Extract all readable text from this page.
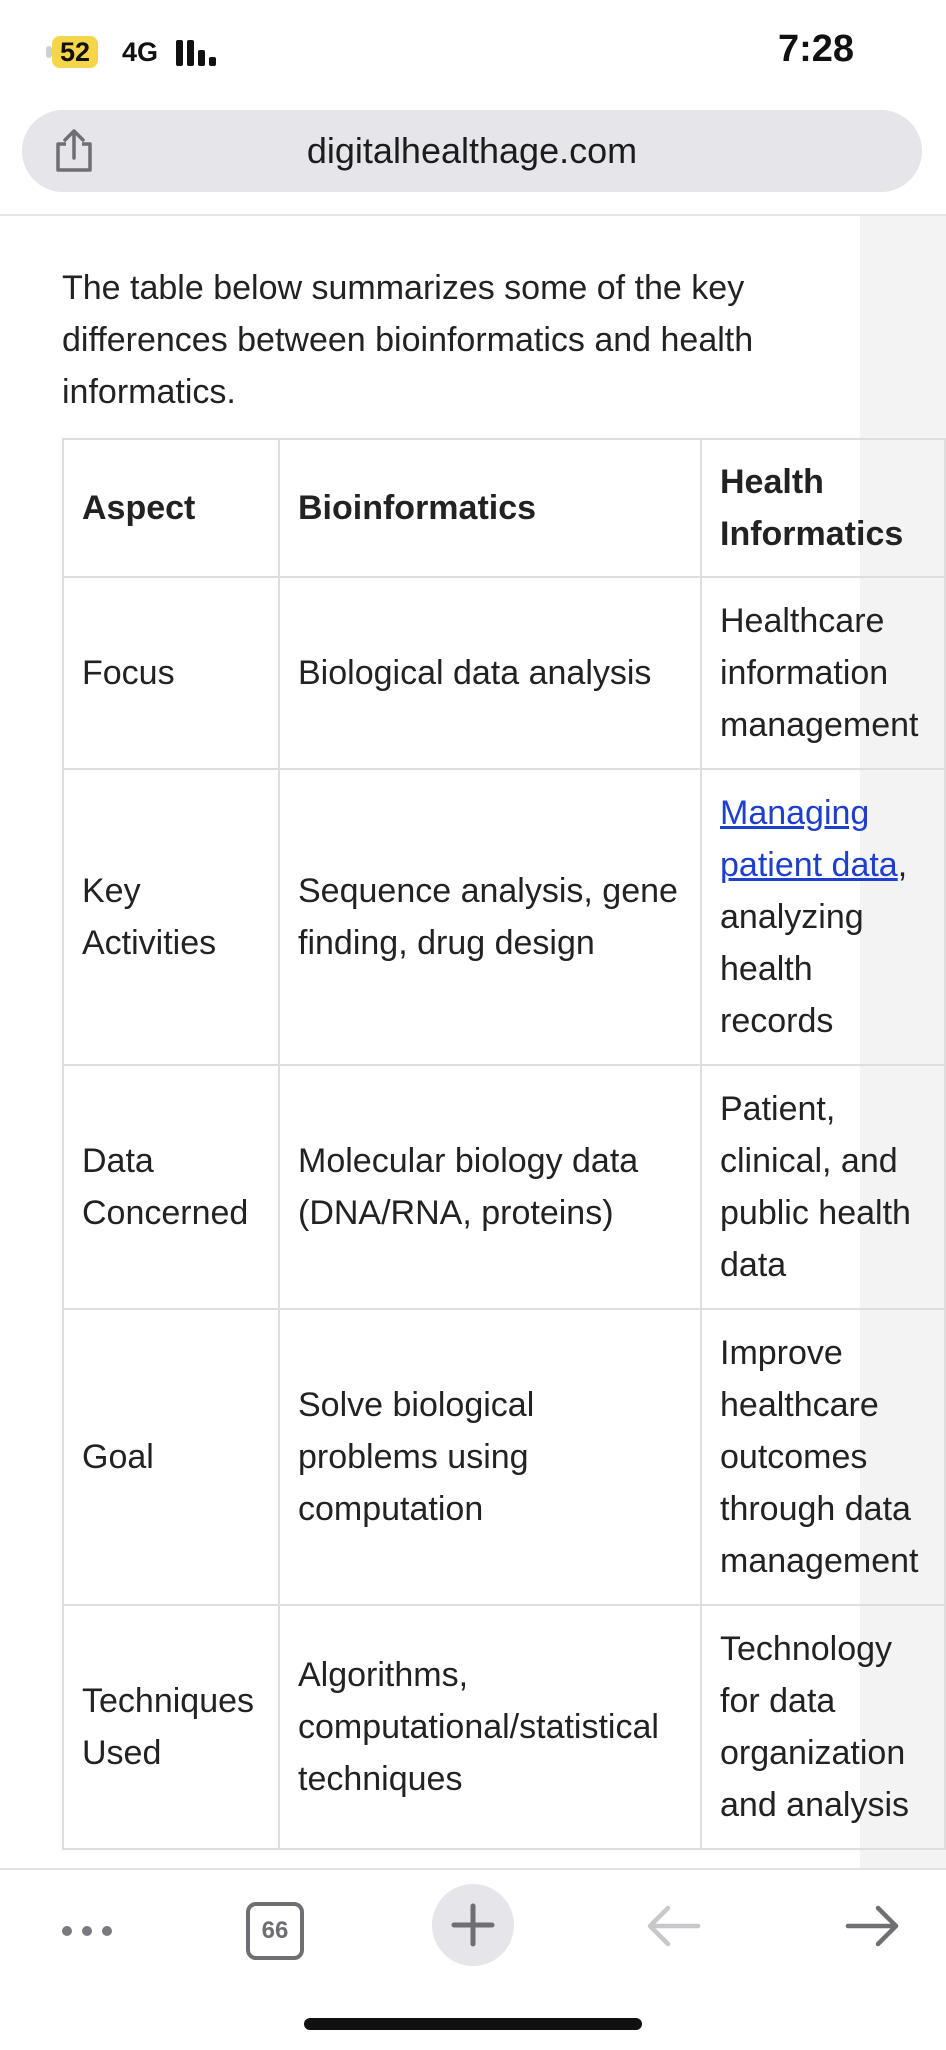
52 4G	7:28
digitalhealthage.com

The table below summarizes some of the key differences between bioinformatics and health informatics.

Aspect	Bioinformatics	Health Informatics
Focus	Biological data analysis	Healthcare information management
Key Activities	Sequence analysis, gene finding, drug design	Managing patient data, analyzing health records
Data Concerned	Molecular biology data (DNA/RNA, proteins)	Patient, clinical, and public health data
Goal	Solve biological problems using computation	Improve healthcare outcomes through data management
Techniques Used	Algorithms, computational/statistical techniques	Technology for data organization and analysis
66
